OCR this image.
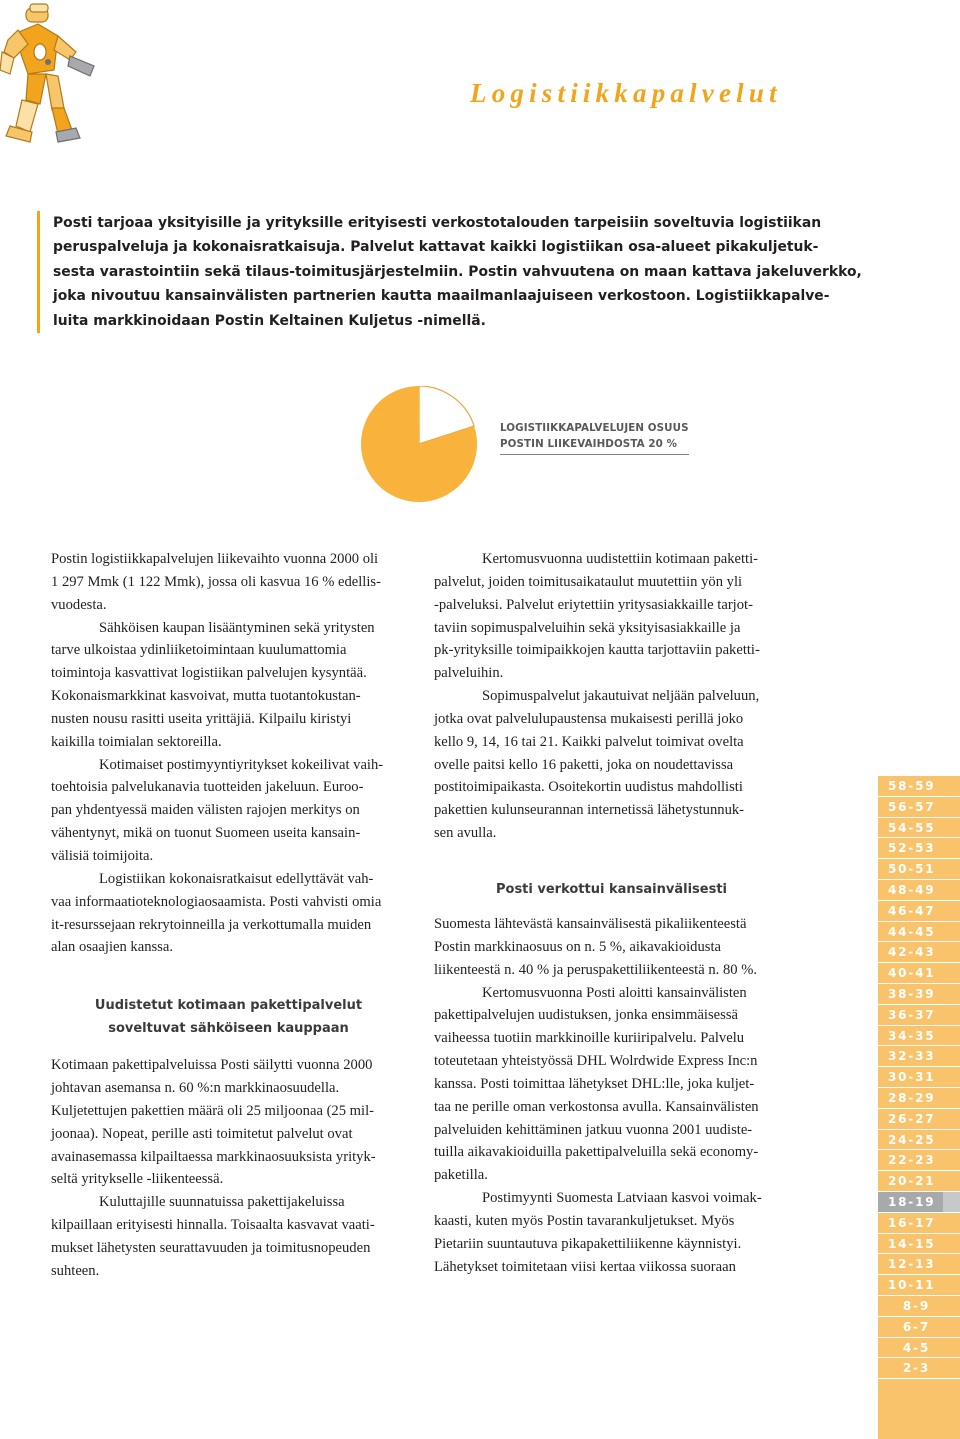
Logistiikkapalvelut
Posti tarjoaa yksityisille ja yrityksille erityisesti verkostotalouden tarpeisiin soveltuvia logistiikan
peruspalveluja ja kokonaisratkaisuja. Palvelut kattavat kaikki logistiikan osa-alueet pikakuljetuk-
sesta varastointiin sekä tilaus-toimitusjärjestelmiin. Postin vahvuutena on maan kattava jakeluverkko,
joka nivoutuu kansainvälisten partnerien kautta maailmanlaajuiseen verkostoon. Logistiikkapalve-
luita markkinoidaan Postin Keltainen Kuljetus -nimellä.
LOGISTIIKKAPALVELUJEN OSUUS
POSTIN LIIKEVAIHDOSTA 20 %
Postin logistiikkapalvelujen liikevaihto vuonna 2000 oli
1 297 Mmk (1 122 Mmk), jossa oli kasvua 16 % edellis-
vuodesta.
Sähköisen kaupan lisääntyminen sekä yritysten
tarve ulkoistaa ydinliiketoimintaan kuulumattomia
toimintoja kasvattivat logistiikan palvelujen kysyntää.
Kokonaismarkkinat kasvoivat, mutta tuotantokustan-
nusten nousu rasitti useita yrittäjiä. Kilpailu kiristyi
kaikilla toimialan sektoreilla.
Kotimaiset postimyyntiyritykset kokeilivat vaih-
toehtoisia palvelukanavia tuotteiden jakeluun. Euroo-
pan yhdentyessä maiden välisten rajojen merkitys on
vähentynyt, mikä on tuonut Suomeen useita kansain-
välisiä toimijoita.
Logistiikan kokonaisratkaisut edellyttävät vah-
vaa informaatioteknologiaosaamista. Posti vahvisti omia
it-resurssejaan rekrytoinneilla ja verkottumalla muiden
alan osaajien kanssa.
Uudistetut kotimaan pakettipalvelut
soveltuvat sähköiseen kauppaan
Kotimaan pakettipalveluissa Posti säilytti vuonna 2000
johtavan asemansa n. 60 %:n markkinaosuudella.
Kuljetettujen pakettien määrä oli 25 miljoonaa (25 mil-
joonaa). Nopeat, perille asti toimitetut palvelut ovat
avainasemassa kilpailtaessa markkinaosuuksista yrityk-
seltä yritykselle -liikenteessä.
Kuluttajille suunnatuissa pakettijakeluissa
kilpaillaan erityisesti hinnalla. Toisaalta kasvavat vaati-
mukset lähetysten seurattavuuden ja toimitusnopeuden
suhteen.
Kertomusvuonna uudistettiin kotimaan paketti-
palvelut, joiden toimitusaikataulut muutettiin yön yli
-palveluksi. Palvelut eriytettiin yritysasiakkaille tarjot-
taviin sopimuspalveluihin sekä yksityisasiakkaille ja
pk-yrityksille toimipaikkojen kautta tarjottaviin paketti-
palveluihin.
Sopimuspalvelut jakautuivat neljään palveluun,
jotka ovat palvelulupaustensa mukaisesti perillä joko
kello 9, 14, 16 tai 21. Kaikki palvelut toimivat ovelta
ovelle paitsi kello 16 paketti, joka on noudettavissa
postitoimipaikasta. Osoitekortin uudistus mahdollisti
pakettien kulunseurannan internetissä lähetystunnuk-
sen avulla.
Posti verkottui kansainvälisesti
Suomesta lähtevästä kansainvälisestä pikaliikenteestä
Postin markkinaosuus on n. 5 %, aikavakioidusta
liikenteestä n. 40 % ja peruspakettiliikenteestä n. 80 %.
Kertomusvuonna Posti aloitti kansainvälisten
pakettipalvelujen uudistuksen, jonka ensimmäisessä
vaiheessa tuotiin markkinoille kuriiripalvelu. Palvelu
toteutetaan yhteistyössä DHL Wolrdwide Express Inc:n
kanssa. Posti toimittaa lähetykset DHL:lle, joka kuljet-
taa ne perille oman verkostonsa avulla. Kansainvälisten
palveluiden kehittäminen jatkuu vuonna 2001 uudiste-
tuilla aikavakioiduilla pakettipalveluilla sekä economy-
paketilla.
Postimyynti Suomesta Latviaan kasvoi voimak-
kaasti, kuten myös Postin tavarankuljetukset. Myös
Pietariin suuntautuva pikapakettiliikenne käynnistyi.
Lähetykset toimitetaan viisi kertaa viikossa suoraan
58-59
56-57
54-55
52-53
50-51
48-49
46-47
44-45
42-43
40-41
38-39
36-37
34-35
32-33
30-31
28-29
26-27
24-25
22-23
20-21
18-19
16-17
14-15
12-13
10-11
8-9
6-7
4-5
2-3
